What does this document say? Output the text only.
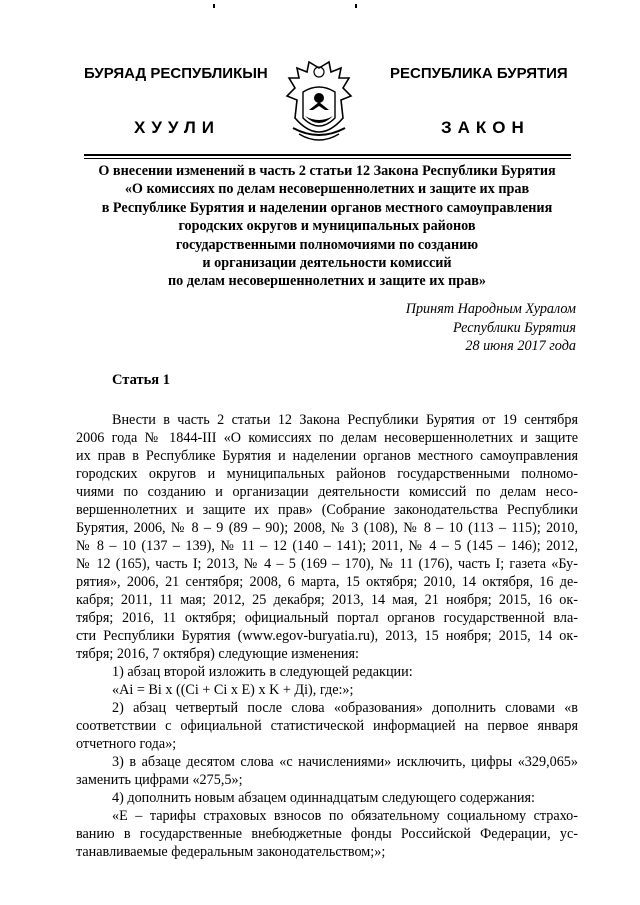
БУРЯАД РЕСПУБЛИКЫН	РЕСПУБЛИКА БУРЯТИЯ
ХУУЛИ	ЗАКОН
О внесении изменений в часть 2 статьи 12 Закона Республики Бурятия
«О комиссиях по делам несовершеннолетних и защите их прав
в Республике Бурятия и наделении органов местного самоуправления
городских округов и муниципальных районов
государственными полномочиями по созданию
и организации деятельности комиссий
по делам несовершеннолетних и защите их прав»
Принят Народным Хуралом
Республики Бурятия
28 июня 2017 года
Статья 1
Внести в часть 2 статьи 12 Закона Республики Бурятия от 19 сентября
2006 года № 1844-III «О комиссиях по делам несовершеннолетних и защите
их прав в Республике Бурятия и наделении органов местного самоуправления
городских округов и муниципальных районов государственными полномо-
чиями по созданию и организации деятельности комиссий по делам несо-
вершеннолетних и защите их прав» (Собрание законодательства Республики
Бурятия, 2006, № 8 – 9 (89 – 90); 2008, № 3 (108), № 8 – 10 (113 – 115); 2010,
№ 8 – 10 (137 – 139), № 11 – 12 (140 – 141); 2011, № 4 – 5 (145 – 146); 2012,
№ 12 (165), часть I; 2013, № 4 – 5 (169 – 170), № 11 (176), часть I; газета «Бу-
рятия», 2006, 21 сентября; 2008, 6 марта, 15 октября; 2010, 14 октября, 16 де-
кабря; 2011, 11 мая; 2012, 25 декабря; 2013, 14 мая, 21 ноября; 2015, 16 ок-
тября; 2016, 11 октября; официальный портал органов государственной вла-
сти Республики Бурятия (www.egov-buryatia.ru), 2013, 15 ноября; 2015, 14 ок-
тября; 2016, 7 октября) следующие изменения:
1) абзац второй изложить в следующей редакции:
«Ai = Bi x ((Ci + Ci x E) x K + Дi), где:»;
2) абзац четвертый после слова «образования» дополнить словами «в
соответствии с официальной статистической информацией на первое января
отчетного года»;
3) в абзаце десятом слова «с начислениями» исключить, цифры «329,065»
заменить цифрами «275,5»;
4) дополнить новым абзацем одиннадцатым следующего содержания:
«Е – тарифы страховых взносов по обязательному социальному страхо-
ванию в государственные внебюджетные фонды Российской Федерации, ус-
танавливаемые федеральным законодательством;»;
